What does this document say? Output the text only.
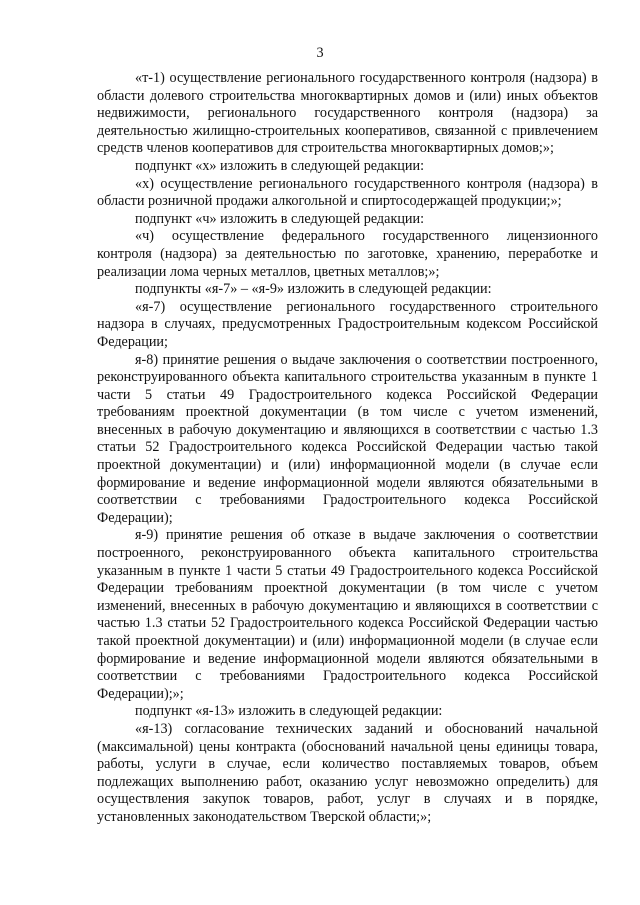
3

«т-1) осуществление регионального государственного контроля (надзора) в области долевого строительства многоквартирных домов и (или) иных объектов недвижимости, регионального государственного контроля (надзора) за деятельностью жилищно-строительных кооперативов, связанной с привлечением средств членов кооперативов для строительства многоквартирных домов;»;

подпункт «х» изложить в следующей редакции:

«х) осуществление регионального государственного контроля (надзора) в области розничной продажи алкогольной и спиртосодержащей продукции;»;

подпункт «ч» изложить в следующей редакции:

«ч) осуществление федерального государственного лицензионного контроля (надзора) за деятельностью по заготовке, хранению, переработке и реализации лома черных металлов, цветных металлов;»;

подпункты «я-7» – «я-9» изложить в следующей редакции:

«я-7) осуществление регионального государственного строительного надзора в случаях, предусмотренных Градостроительным кодексом Российской Федерации;

я-8) принятие решения о выдаче заключения о соответствии построенного, реконструированного объекта капитального строительства указанным в пункте 1 части 5 статьи 49 Градостроительного кодекса Российской Федерации требованиям проектной документации (в том числе с учетом изменений, внесенных в рабочую документацию и являющихся в соответствии с частью 1.3 статьи 52 Градостроительного кодекса Российской Федерации частью такой проектной документации) и (или) информационной модели (в случае если формирование и ведение информационной модели являются обязательными в соответствии с требованиями Градостроительного кодекса Российской Федерации);

я-9) принятие решения об отказе в выдаче заключения о соответствии построенного, реконструированного объекта капитального строительства указанным в пункте 1 части 5 статьи 49 Градостроительного кодекса Российской Федерации требованиям проектной документации (в том числе с учетом изменений, внесенных в рабочую документацию и являющихся в соответствии с частью 1.3 статьи 52 Градостроительного кодекса Российской Федерации частью такой проектной документации) и (или) информационной модели (в случае если формирование и ведение информационной модели являются обязательными в соответствии с требованиями Градостроительного кодекса Российской Федерации);»;

подпункт «я-13» изложить в следующей редакции:

«я-13) согласование технических заданий и обоснований начальной (максимальной) цены контракта (обоснований начальной цены единицы товара, работы, услуги в случае, если количество поставляемых товаров, объем подлежащих выполнению работ, оказанию услуг невозможно определить) для осуществления закупок товаров, работ, услуг в случаях и в порядке, установленных законодательством Тверской области;»;
